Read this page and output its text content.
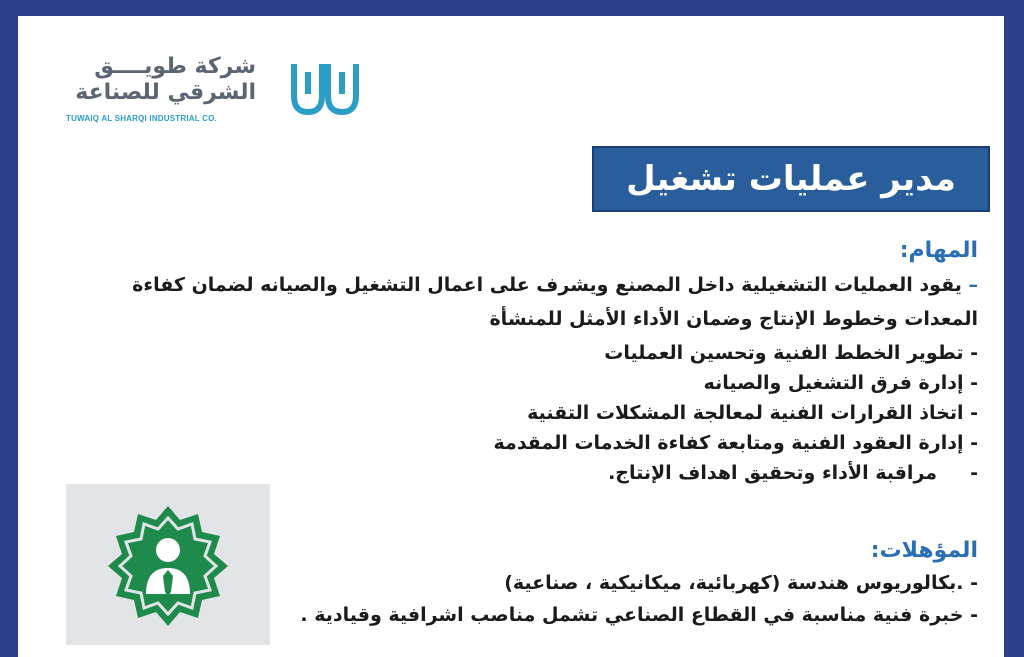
شركة طويــــق
الشرقي للصناعة
TUWAIQ AL SHARQI INDUSTRIAL CO.
مدير عمليات تشغيل
المهام:
– يقود العمليات التشغيلية داخل المصنع ويشرف على اعمال التشغيل والصيانه لضمان كفاءة
المعدات وخطوط الإنتاج وضمان الأداء الأمثل للمنشأة
- تطوير الخطط الفنية وتحسين العمليات
- إدارة فرق التشغيل والصيانه
- اتخاذ القرارات الفنية لمعالجة المشكلات التقنية
- إدارة العقود الفنية ومتابعة كفاءة الخدمات المقدمة
-     مراقبة الأداء وتحقيق اهداف الإنتاج.
المؤهلات:
- .بكالوريوس هندسة (كهربائية، ميكانيكية ، صناعية)
- خبرة فنية مناسبة في القطاع الصناعي تشمل مناصب اشرافية وقيادية .
